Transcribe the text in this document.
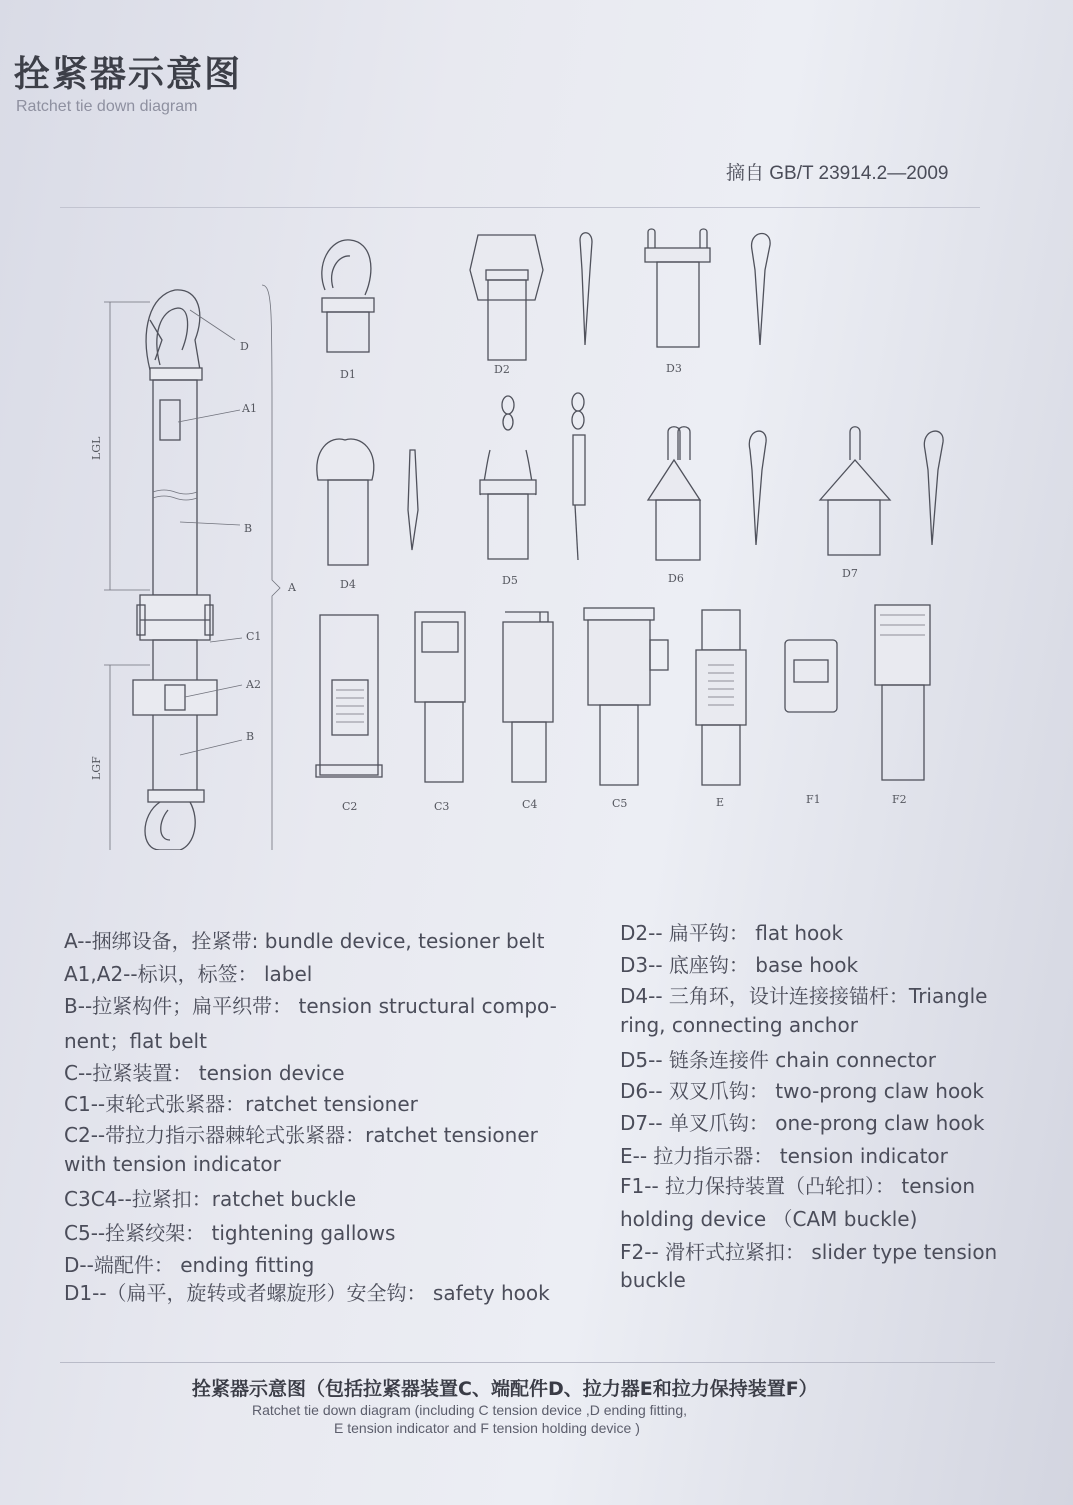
拴紧器示意图
Ratchet tie down diagram
摘自 GB/T 23914.2—2009
D
A1
B
A
C1
A2
B
LGL
LGF
D1	D2	D3
D4	D5	D6	D7
C2	C3	C4	C5	E	F1	F2
A--捆绑设备，拴紧带: bundle device, tesioner belt
A1,A2--标识，标签： label
B--拉紧构件；扁平织带： tension structural compo-
nent；flat belt
C--拉紧装置： tension device
C1--束轮式张紧器：ratchet tensioner
C2--带拉力指示器棘轮式张紧器：ratchet tensioner
with tension indicator
C3C4--拉紧扣：ratchet buckle
C5--拴紧绞架： tightening gallows
D--端配件： ending fitting
D1--（扁平，旋转或者螺旋形）安全钩： safety hook
D2-- 扁平钩： flat hook
D3-- 底座钩： base hook
D4-- 三角环，设计连接接锚杆：Triangle
ring, connecting anchor
D5-- 链条连接件 chain connector
D6-- 双叉爪钩： two-prong claw hook
D7-- 单叉爪钩： one-prong claw hook
E-- 拉力指示器： tension indicator
F1-- 拉力保持装置（凸轮扣）： tension
holding device （CAM buckle)
F2-- 滑杆式拉紧扣： slider type tension
buckle
拴紧器示意图（包括拉紧器装置C、端配件D、拉力器E和拉力保持装置F）
Ratchet tie down diagram (including C tension device ,D ending fitting,
E tension indicator and F tension holding device )
